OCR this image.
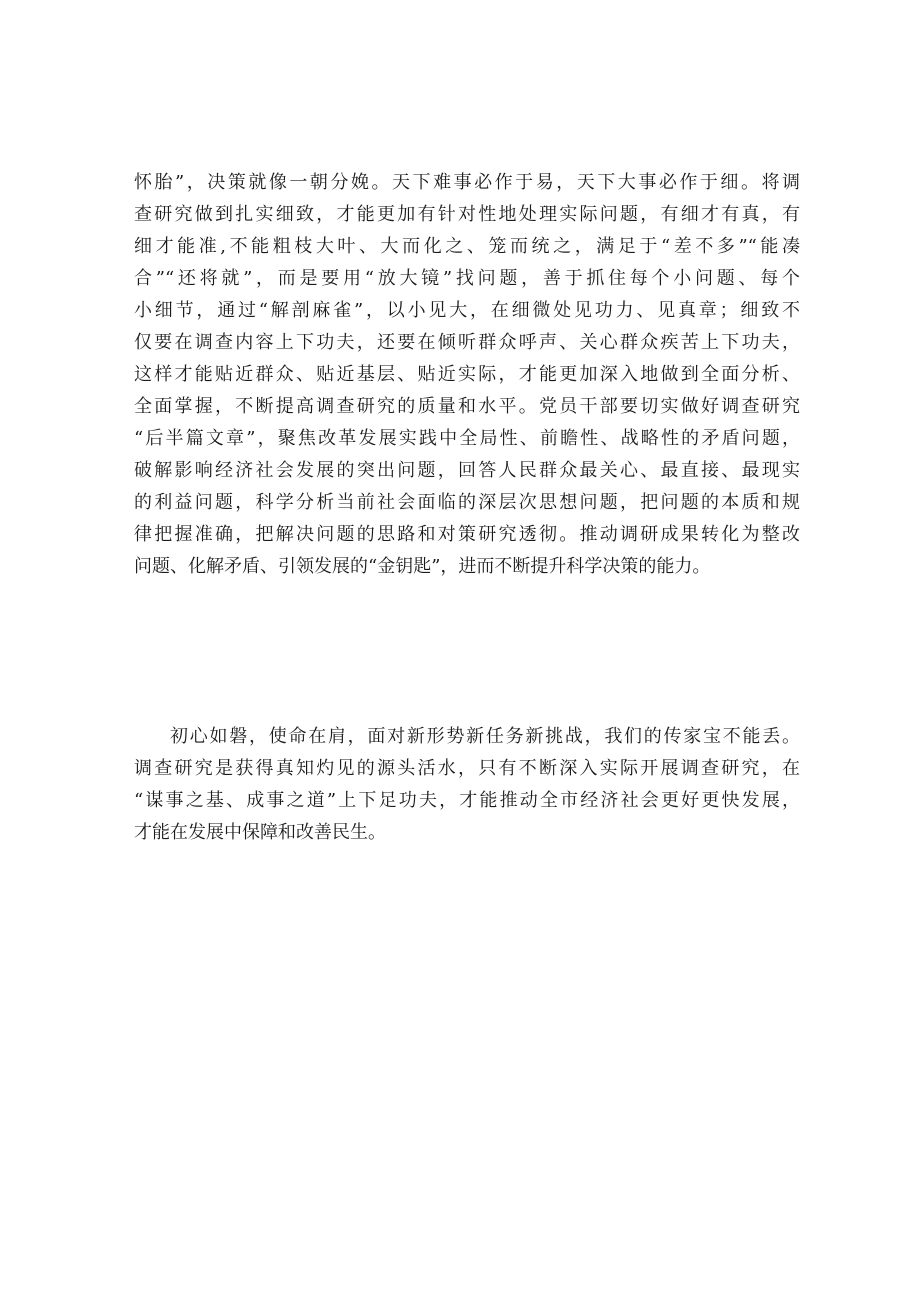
怀胎”，决策就像一朝分娩。天下难事必作于易，天下大事必作于细。将调
查研究做到扎实细致，才能更加有针对性地处理实际问题，有细才有真，有
细才能准,不能粗枝大叶、大而化之、笼而统之，满足于“差不多”“能凑
合”“还将就”，而是要用“放大镜”找问题，善于抓住每个小问题、每个
小细节，通过“解剖麻雀”，以小见大，在细微处见功力、见真章；细致不
仅要在调查内容上下功夫，还要在倾听群众呼声、关心群众疾苦上下功夫，
这样才能贴近群众、贴近基层、贴近实际，才能更加深入地做到全面分析、
全面掌握，不断提高调查研究的质量和水平。党员干部要切实做好调查研究
“后半篇文章”，聚焦改革发展实践中全局性、前瞻性、战略性的矛盾问题，
破解影响经济社会发展的突出问题，回答人民群众最关心、最直接、最现实
的利益问题，科学分析当前社会面临的深层次思想问题，把问题的本质和规
律把握准确，把解决问题的思路和对策研究透彻。推动调研成果转化为整改
问题、化解矛盾、引领发展的“金钥匙”，进而不断提升科学决策的能力。
初心如磐，使命在肩，面对新形势新任务新挑战，我们的传家宝不能丢。
调查研究是获得真知灼见的源头活水，只有不断深入实际开展调查研究，在
“谋事之基、成事之道”上下足功夫，才能推动全市经济社会更好更快发展，
才能在发展中保障和改善民生。
